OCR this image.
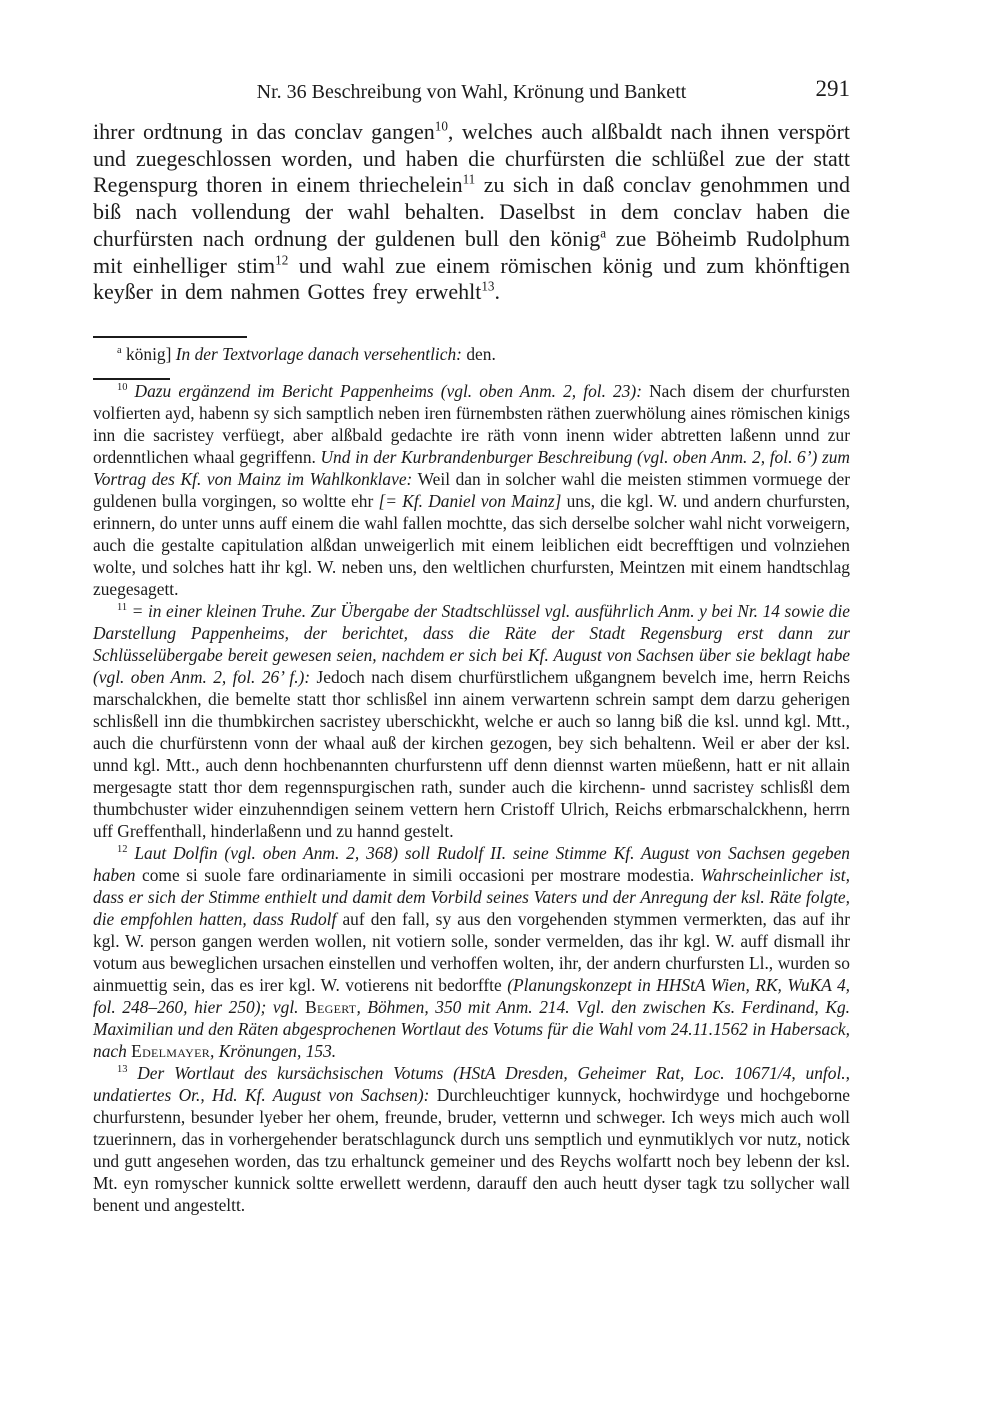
Nr. 36 Beschreibung von Wahl, Krönung und Bankett	291

ihrer ordtnung in das conclav gangen$^{10}$, welches auch alßbaldt nach ihnen verspört und zuegeschlossen worden, und haben die churfürsten die schlüßel zue der statt Regenspurg thoren in einem thriechelein$^{11}$ zu sich in daß conclav genohmmen und biß nach vollendung der wahl behalten. Daselbst in dem conclav haben die churfürsten nach ordnung der guldenen bull den könig$^a$ zue Böheimb Rudolphum mit einhelliger stim$^{12}$ und wahl zue einem römischen könig und zum khönftigen keyßer in dem nahmen Gottes frey erwehlt$^{13}$.

$^a$ könig] In der Textvorlage danach versehentlich: den.

$^{10}$ Dazu ergänzend im Bericht Pappenheims (vgl. oben Anm. 2, fol. 23): Nach disem der churfursten volfierten ayd, habenn sy sich samptlich neben iren fürnembsten räthen zuerwhölung aines römischen kinigs inn die sacristey verfüegt, aber alßbald gedachte ire räth vonn inenn wider abtretten laßenn unnd zur ordenntlichen whaal gegriffenn. Und in der Kurbrandenburger Beschreibung (vgl. oben Anm. 2, fol. 6’) zum Vortrag des Kf. von Mainz im Wahlkonklave: Weil dan in solcher wahl die meisten stimmen vormuege der guldenen bulla vorgingen, so woltte ehr [= Kf. Daniel von Mainz] uns, die kgl. W. und andern churfursten, erinnern, do unter unns auff einem die wahl fallen mochtte, das sich derselbe solcher wahl nicht vorweigern, auch die gestalte capitulation alßdan unweigerlich mit einem leiblichen eidt becrefftigen und volnziehen wolte, und solches hatt ihr kgl. W. neben uns, den weltlichen churfursten, Meintzen mit einem handtschlag zuegesagett.

$^{11}$ = in einer kleinen Truhe. Zur Übergabe der Stadtschlüssel vgl. ausführlich Anm. y bei Nr. 14 sowie die Darstellung Pappenheims, der berichtet, dass die Räte der Stadt Regensburg erst dann zur Schlüsselübergabe bereit gewesen seien, nachdem er sich bei Kf. August von Sachsen über sie beklagt habe (vgl. oben Anm. 2, fol. 26’ f.): Jedoch nach disem churfürstlichem ußgangnem bevelch ime, herrn Reichs marschalckhen, die bemelte statt thor schlisßel inn ainem verwartenn schrein sampt dem darzu geherigen schlisßell inn die thumbkirchen sacristey uberschickht, welche er auch so lanng biß die ksl. unnd kgl. Mtt., auch die churfürstenn vonn der whaal auß der kirchen gezogen, bey sich behaltenn. Weil er aber der ksl. unnd kgl. Mtt., auch denn hochbenannten churfurstenn uff denn diennst warten müeßenn, hatt er nit allain mergesagte statt thor dem regennspurgischen rath, sunder auch die kirchenn- unnd sacristey schlisßl dem thumbchuster wider einzuhenndigen seinem vettern hern Cristoff Ulrich, Reichs erbmarschalckhenn, herrn uff Greffenthall, hinderlaßenn und zu hannd gestelt.

$^{12}$ Laut Dolfin (vgl. oben Anm. 2, 368) soll Rudolf II. seine Stimme Kf. August von Sachsen gegeben haben come si suole fare ordinariamente in simili occasioni per mostrare modestia. Wahrscheinlicher ist, dass er sich der Stimme enthielt und damit dem Vorbild seines Vaters und der Anregung der ksl. Räte folgte, die empfohlen hatten, dass Rudolf auf den fall, sy aus den vorgehenden stymmen vermerkten, das auf ihr kgl. W. person gangen werden wollen, nit votiern solle, sonder vermelden, das ihr kgl. W. auff dismall ihr votum aus beweglichen ursachen einstellen und verhoffen wolten, ihr, der andern churfursten Ll., wurden so ainmuettig sein, das es irer kgl. W. votierens nit bedorffte (Planungskonzept in HHStA Wien, RK, WuKA 4, fol. 248–260, hier 250); vgl. Begert, Böhmen, 350 mit Anm. 214. Vgl. den zwischen Ks. Ferdinand, Kg. Maximilian und den Räten abgesprochenen Wortlaut des Votums für die Wahl vom 24.11.1562 in Habersack, nach Edelmayer, Krönungen, 153.

$^{13}$ Der Wortlaut des kursächsischen Votums (HStA Dresden, Geheimer Rat, Loc. 10671/4, unfol., undatiertes Or., Hd. Kf. August von Sachsen): Durchleuchtiger kunnyck, hochwirdyge und hochgeborne churfurstenn, besunder lyeber her ohem, freunde, bruder, vetternn und schweger. Ich weys mich auch woll tzuerinnern, das in vorhergehender beratschlagunck durch uns semptlich und eynmutiklych vor nutz, notick und gutt angesehen worden, das tzu erhaltunck gemeiner und des Reychs wolfartt noch bey lebenn der ksl. Mt. eyn romyscher kunnick soltte erwellett werdenn, darauff den auch heutt dyser tagk tzu sollycher wall benent und angesteltt.
